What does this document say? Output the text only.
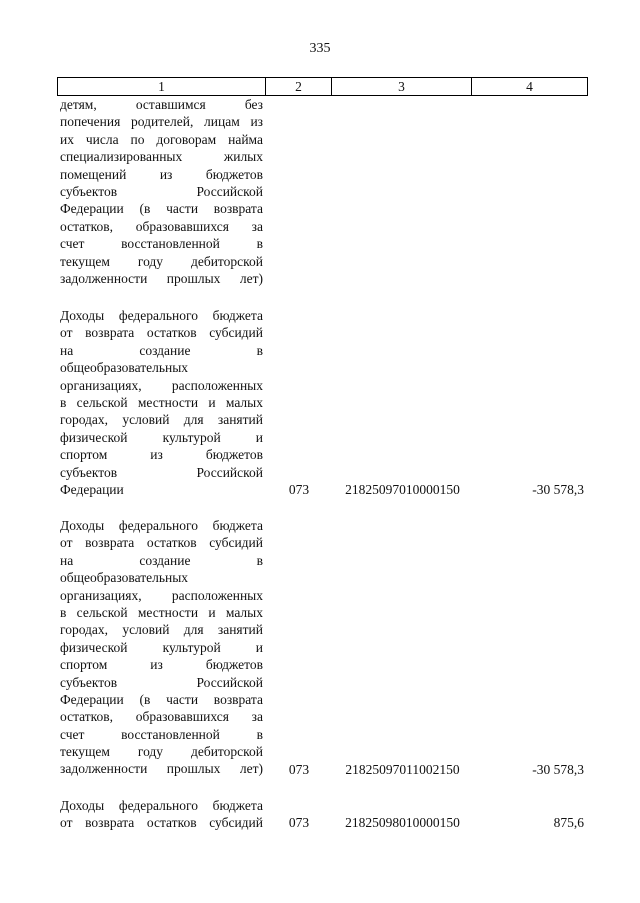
335
1	2	3	4
детям, оставшимся без
попечения родителей, лицам из
их числа по договорам найма
специализированных жилых
помещений из бюджетов
субъектов Российской
Федерации (в части возврата
остатков, образовавшихся за
счет восстановленной в
текущем году дебиторской
задолженности прошлых лет)
Доходы федерального бюджета
от возврата остатков субсидий
на создание в
общеобразовательных
организациях, расположенных
в сельской местности и малых
городах, условий для занятий
физической культурой и
спортом из бюджетов
субъектов Российской
Федерации	073	21825097010000150	-30 578,3
Доходы федерального бюджета
от возврата остатков субсидий
на создание в
общеобразовательных
организациях, расположенных
в сельской местности и малых
городах, условий для занятий
физической культурой и
спортом из бюджетов
субъектов Российской
Федерации (в части возврата
остатков, образовавшихся за
счет восстановленной в
текущем году дебиторской
задолженности прошлых лет) 073	21825097011002150	-30 578,3
Доходы федерального бюджета
от возврата остатков субсидий 073	21825098010000150	875,6
